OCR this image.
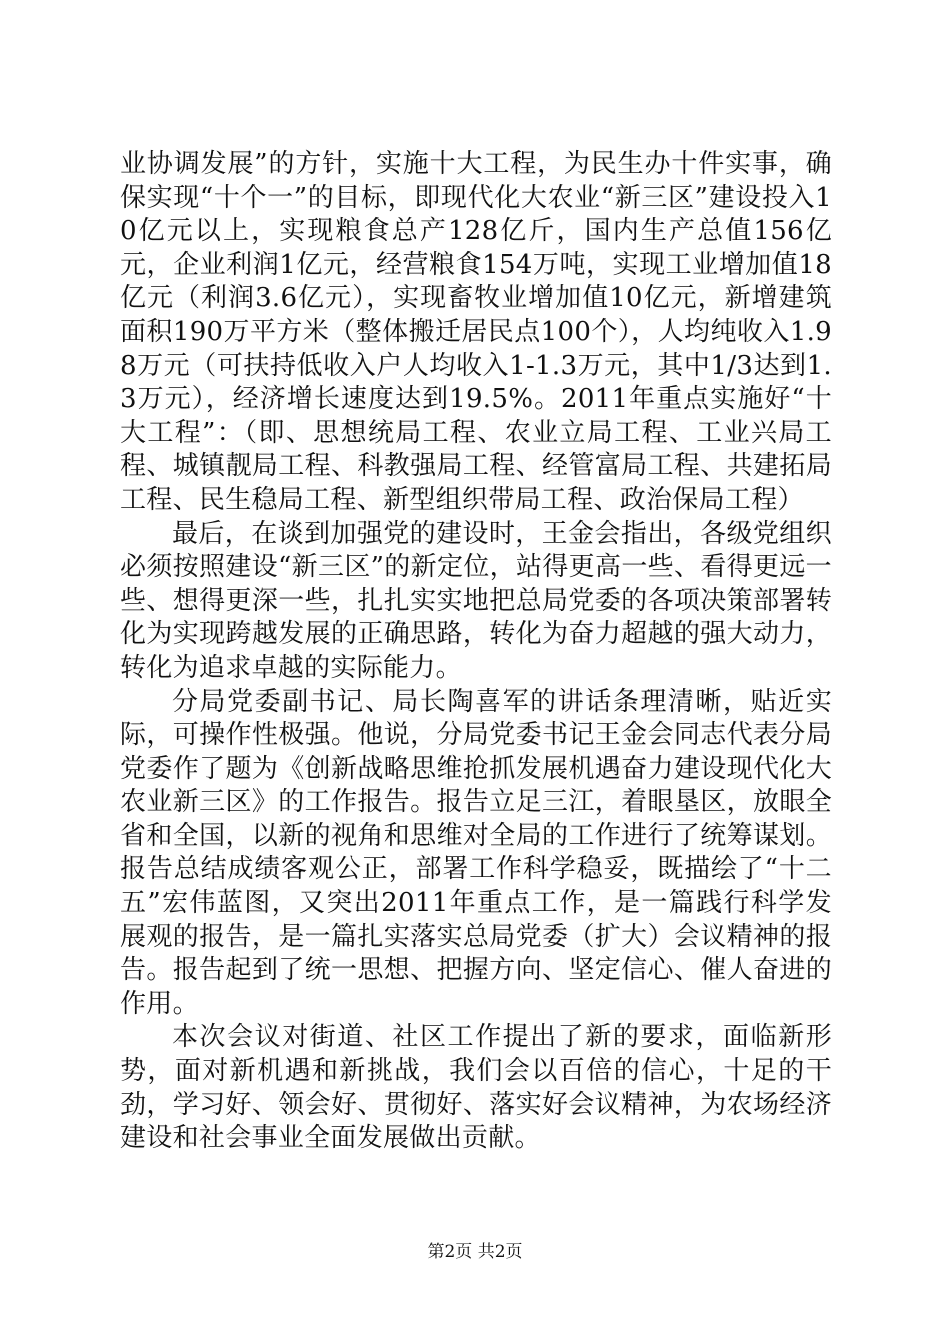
业协调发展”的方针，实施十大工程，为民生办十件实事，确保实现“十个一”的目标，即现代化大农业“新三区”建设投入10亿元以上，实现粮食总产128亿斤，国内生产总值156亿元，企业利润1亿元，经营粮食154万吨，实现工业增加值18亿元（利润3.6亿元），实现畜牧业增加值10亿元，新增建筑面积190万平方米（整体搬迁居民点100个），人均纯收入1.98万元（可扶持低收入户人均收入1-1.3万元，其中1/3达到1.3万元），经济增长速度达到19.5%。2011年重点实施好“十大工程”：（即、思想统局工程、农业立局工程、工业兴局工程、城镇靓局工程、科教强局工程、经管富局工程、共建拓局工程、民生稳局工程、新型组织带局工程、政治保局工程）

最后，在谈到加强党的建设时，王金会指出，各级党组织必须按照建设“新三区”的新定位，站得更高一些、看得更远一些、想得更深一些，扎扎实实地把总局党委的各项决策部署转化为实现跨越发展的正确思路，转化为奋力超越的强大动力，转化为追求卓越的实际能力。

分局党委副书记、局长陶喜军的讲话条理清晰，贴近实际，可操作性极强。他说，分局党委书记王金会同志代表分局党委作了题为《创新战略思维抢抓发展机遇奋力建设现代化大农业新三区》的工作报告。报告立足三江，着眼垦区，放眼全省和全国，以新的视角和思维对全局的工作进行了统筹谋划。报告总结成绩客观公正，部署工作科学稳妥，既描绘了“十二五”宏伟蓝图，又突出2011年重点工作，是一篇践行科学发展观的报告，是一篇扎实落实总局党委（扩大）会议精神的报告。报告起到了统一思想、把握方向、坚定信心、催人奋进的作用。

本次会议对街道、社区工作提出了新的要求，面临新形势，面对新机遇和新挑战，我们会以百倍的信心，十足的干劲，学习好、领会好、贯彻好、落实好会议精神，为农场经济建设和社会事业全面发展做出贡献。

第2页 共2页
